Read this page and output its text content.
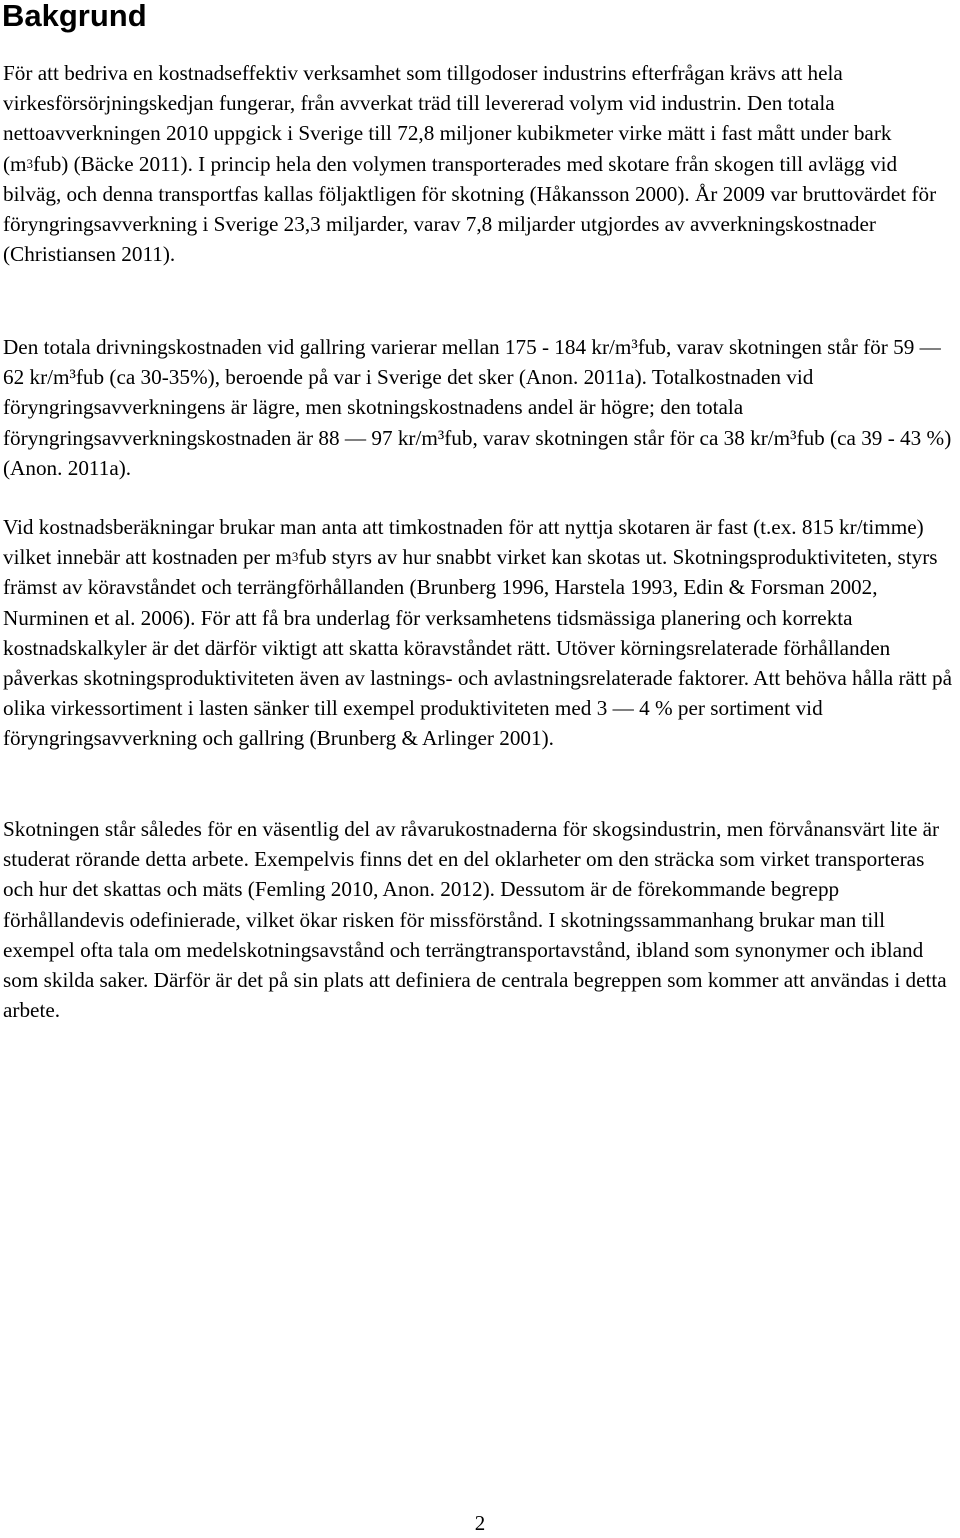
Bakgrund

För att bedriva en kostnadseffektiv verksamhet som tillgodoser industrins efterfrågan krävs att hela virkesförsörjningskedjan fungerar, från avverkat träd till levererad volym vid industrin. Den totala nettoavverkningen 2010 uppgick i Sverige till 72,8 miljoner kubikmeter virke mätt i fast mått under bark $(m^3fub)$ (Bäcke 2011). I princip hela den volymen transporterades med skotare från skogen till avlägg vid bilväg, och denna transportfas kallas följaktligen för skotning (Håkansson 2000). År 2009 var bruttovärdet för föryngringsavverkning i Sverige 23,3 miljarder, varav 7,8 miljarder utgjordes av avverkningskostnader (Christiansen 2011).

Den totala drivningskostnaden vid gallring varierar mellan 175 - 184 kr/m³fub, varav skotningen står för 59 — 62 kr/m³fub (ca 30-35%), beroende på var i Sverige det sker (Anon. 2011a). Totalkostnaden vid föryngringsavverkningens är lägre, men skotningskostnadens andel är högre; den totala föryngringsavverkningskostnaden är 88 — 97 kr/m³fub, varav skotningen står för ca 38 kr/m³fub (ca 39 - 43 %) (Anon. 2011a).

Vid kostnadsberäkningar brukar man anta att timkostnaden för att nyttja skotaren är fast (t.ex. 815 kr/timme) vilket innebär att kostnaden per $m^3fub$ styrs av hur snabbt virket kan skotas ut. Skotningsproduktiviteten, styrs främst av köravståndet och terrängförhållanden (Brunberg 1996, Harstela 1993, Edin & Forsman 2002, Nurminen et al. 2006). För att få bra underlag för verksamhetens tidsmässiga planering och korrekta kostnadskalkyler är det därför viktigt att skatta köravståndet rätt. Utöver körningsrelaterade förhållanden påverkas skotningsproduktiviteten även av lastnings- och avlastningsrelaterade faktorer. Att behöva hålla rätt på olika virkessortiment i lasten sänker till exempel produktiviteten med 3 — 4 % per sortiment vid föryngringsavverkning och gallring (Brunberg & Arlinger 2001).

Skotningen står således för en väsentlig del av råvarukostnaderna för skogsindustrin, men förvånansvärt lite är studerat rörande detta arbete. Exempelvis finns det en del oklarheter om den sträcka som virket transporteras och hur det skattas och mäts (Femling 2010, Anon. 2012). Dessutom är de förekommande begrepp förhållandevis odefinierade, vilket ökar risken för missförstånd. I skotningssammanhang brukar man till exempel ofta tala om medelskotningsavstånd och terrängtransportavstånd, ibland som synonymer och ibland som skilda saker. Därför är det på sin plats att definiera de centrala begreppen som kommer att användas i detta arbete.

2
